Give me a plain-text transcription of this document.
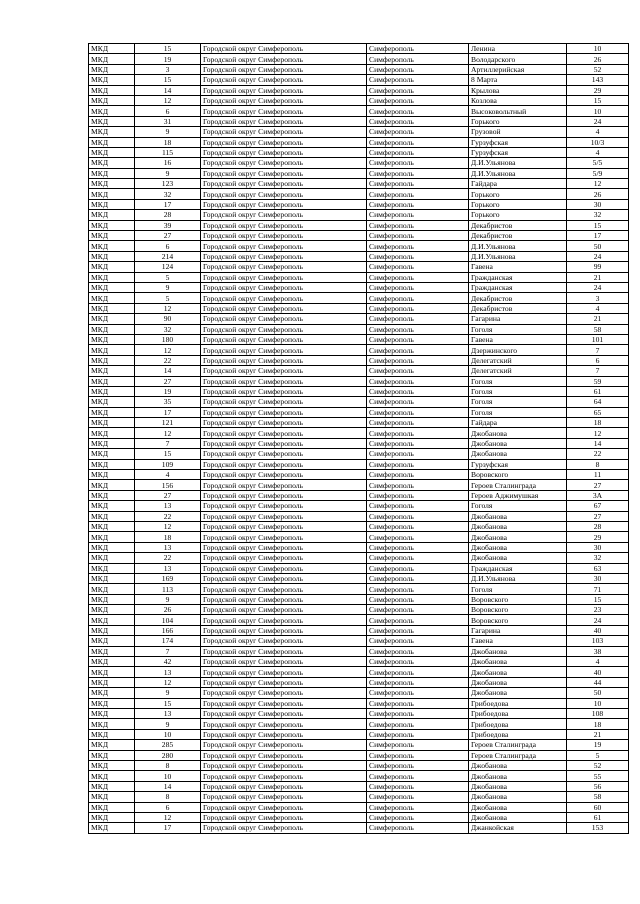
МКД	15	Городской округ Симферополь	Симферополь	Ленина	10
МКД	19	Городской округ Симферополь	Симферополь	Володарского	26
МКД	3	Городской округ Симферополь	Симферополь	Артиллерийская	52
МКД	15	Городской округ Симферополь	Симферополь	8 Марта	143
МКД	14	Городской округ Симферополь	Симферополь	Крылова	29
МКД	12	Городской округ Симферополь	Симферополь	Козлова	15
МКД	6	Городской округ Симферополь	Симферополь	Высоковольтный	10
МКД	31	Городской округ Симферополь	Симферополь	Горького	24
МКД	9	Городской округ Симферополь	Симферополь	Грузовой	4
МКД	18	Городской округ Симферополь	Симферополь	Гурзуфская	10/3
МКД	115	Городской округ Симферополь	Симферополь	Гурзуфская	4
МКД	16	Городской округ Симферополь	Симферополь	Д.И.Ульянова	5/5
МКД	9	Городской округ Симферополь	Симферополь	Д.И.Ульянова	5/9
МКД	123	Городской округ Симферополь	Симферополь	Гайдара	12
МКД	32	Городской округ Симферополь	Симферополь	Горького	26
МКД	17	Городской округ Симферополь	Симферополь	Горького	30
МКД	28	Городской округ Симферополь	Симферополь	Горького	32
МКД	39	Городской округ Симферополь	Симферополь	Декабристов	15
МКД	27	Городской округ Симферополь	Симферополь	Декабристов	17
МКД	6	Городской округ Симферополь	Симферополь	Д.И.Ульянова	50
МКД	214	Городской округ Симферополь	Симферополь	Д.И.Ульянова	24
МКД	124	Городской округ Симферополь	Симферополь	Гавена	99
МКД	5	Городской округ Симферополь	Симферополь	Гражданская	21
МКД	9	Городской округ Симферополь	Симферополь	Гражданская	24
МКД	5	Городской округ Симферополь	Симферополь	Декабристов	3
МКД	12	Городской округ Симферополь	Симферополь	Декабристов	4
МКД	90	Городской округ Симферополь	Симферополь	Гагарина	21
МКД	32	Городской округ Симферополь	Симферополь	Гоголя	58
МКД	180	Городской округ Симферополь	Симферополь	Гавена	101
МКД	12	Городской округ Симферополь	Симферополь	Дзержинского	7
МКД	22	Городской округ Симферополь	Симферополь	Делегатский	6
МКД	14	Городской округ Симферополь	Симферополь	Делегатский	7
МКД	27	Городской округ Симферополь	Симферополь	Гоголя	59
МКД	19	Городской округ Симферополь	Симферополь	Гоголя	61
МКД	35	Городской округ Симферополь	Симферополь	Гоголя	64
МКД	17	Городской округ Симферополь	Симферополь	Гоголя	65
МКД	121	Городской округ Симферополь	Симферополь	Гайдара	18
МКД	12	Городской округ Симферополь	Симферополь	Джобанова	12
МКД	7	Городской округ Симферополь	Симферополь	Джобанова	14
МКД	15	Городской округ Симферополь	Симферополь	Джобанова	22
МКД	109	Городской округ Симферополь	Симферополь	Гурзуфская	8
МКД	4	Городской округ Симферополь	Симферополь	Воровского	11
МКД	156	Городской округ Симферополь	Симферополь	Героев Сталинграда	27
МКД	27	Городской округ Симферополь	Симферополь	Героев Аджимушкая	3А
МКД	13	Городской округ Симферополь	Симферополь	Гоголя	67
МКД	22	Городской округ Симферополь	Симферополь	Джобанова	27
МКД	12	Городской округ Симферополь	Симферополь	Джобанова	28
МКД	18	Городской округ Симферополь	Симферополь	Джобанова	29
МКД	13	Городской округ Симферополь	Симферополь	Джобанова	30
МКД	22	Городской округ Симферополь	Симферополь	Джобанова	32
МКД	13	Городской округ Симферополь	Симферополь	Гражданская	63
МКД	169	Городской округ Симферополь	Симферополь	Д.И.Ульянова	30
МКД	113	Городской округ Симферополь	Симферополь	Гоголя	71
МКД	9	Городской округ Симферополь	Симферополь	Воровского	15
МКД	26	Городской округ Симферополь	Симферополь	Воровского	23
МКД	104	Городской округ Симферополь	Симферополь	Воровского	24
МКД	166	Городской округ Симферополь	Симферополь	Гагарина	40
МКД	174	Городской округ Симферополь	Симферополь	Гавена	103
МКД	7	Городской округ Симферополь	Симферополь	Джобанова	38
МКД	42	Городской округ Симферополь	Симферополь	Джобанова	4
МКД	13	Городской округ Симферополь	Симферополь	Джобанова	40
МКД	12	Городской округ Симферополь	Симферополь	Джобанова	44
МКД	9	Городской округ Симферополь	Симферополь	Джобанова	50
МКД	15	Городской округ Симферополь	Симферополь	Грибоедова	10
МКД	13	Городской округ Симферополь	Симферополь	Грибоедова	108
МКД	9	Городской округ Симферополь	Симферополь	Грибоедова	18
МКД	10	Городской округ Симферополь	Симферополь	Грибоедова	21
МКД	285	Городской округ Симферополь	Симферополь	Героев Сталинграда	19
МКД	280	Городской округ Симферополь	Симферополь	Героев Сталинграда	5
МКД	8	Городской округ Симферополь	Симферополь	Джобанова	52
МКД	10	Городской округ Симферополь	Симферополь	Джобанова	55
МКД	14	Городской округ Симферополь	Симферополь	Джобанова	56
МКД	8	Городской округ Симферополь	Симферополь	Джобанова	58
МКД	6	Городской округ Симферополь	Симферополь	Джобанова	60
МКД	12	Городской округ Симферополь	Симферополь	Джобанова	61
МКД	17	Городской округ Симферополь	Симферополь	Джанкойская	153
